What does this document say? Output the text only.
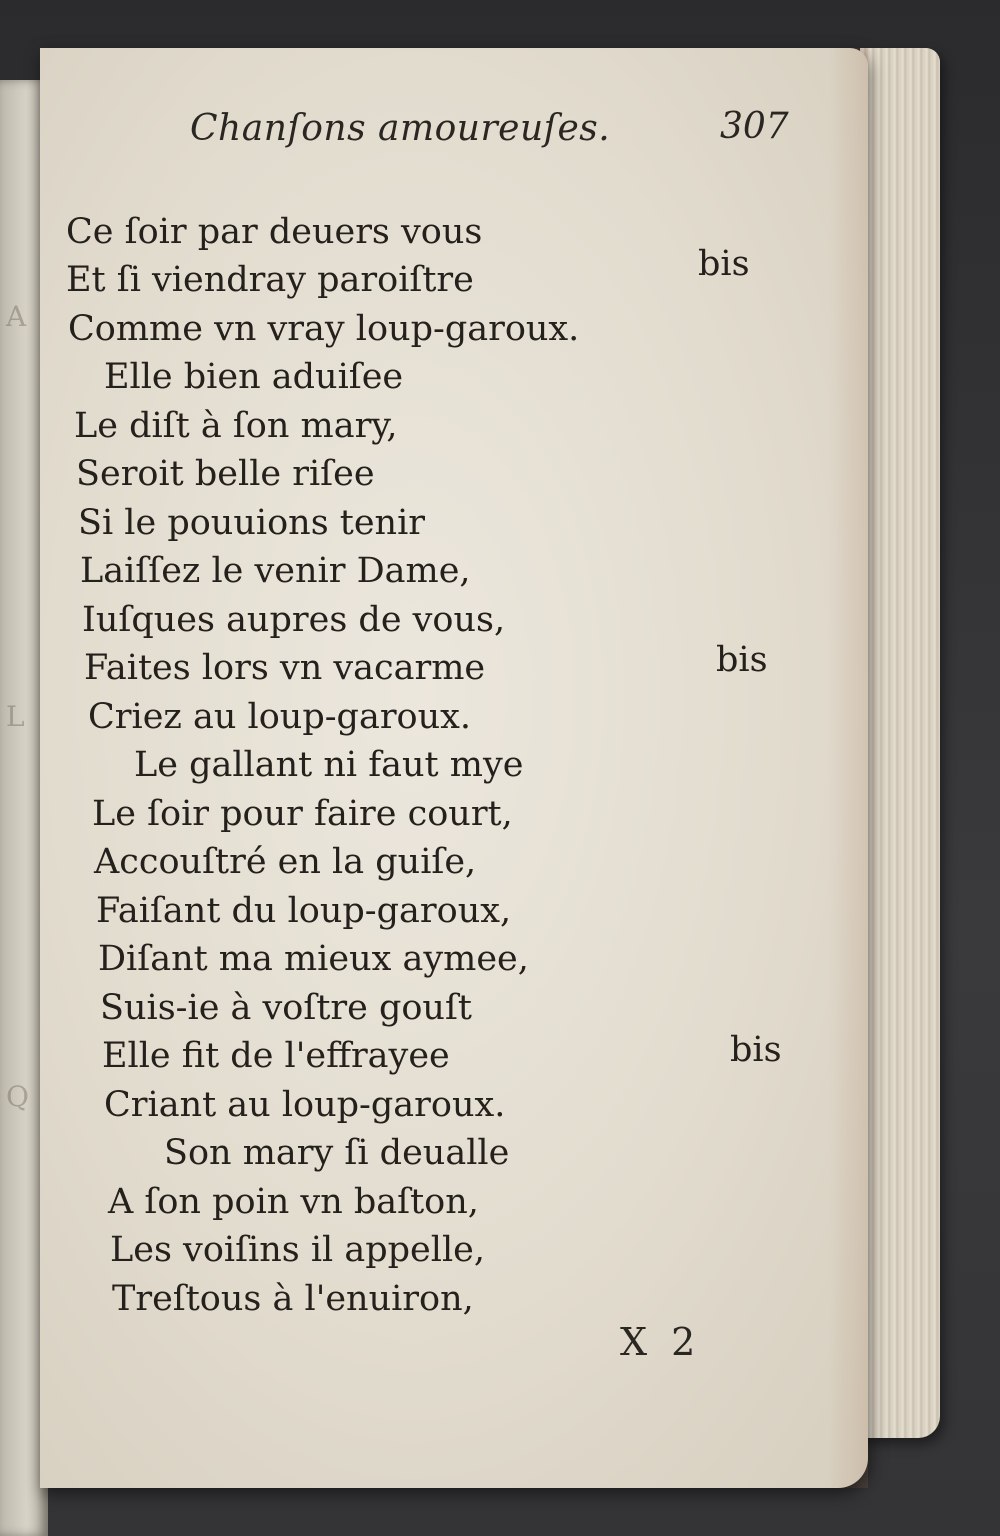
A
L
Q
Chanſons amoureuſes.	307
Ce ſoir par deuers vous
Et ſi viendray paroiſtre
Comme vn vray loup-garoux.
Elle bien aduiſee
Le diſt à ſon mary,
Seroit belle riſee
Si le pouuions tenir
Laiſſez le venir Dame,
Iuſques aupres de vous,
Faites lors vn vacarme
Criez au loup-garoux.
Le gallant ni faut mye
Le ſoir pour faire court,
Accouſtré en la guiſe,
Faiſant du loup-garoux,
Diſant ma mieux aymee,
Suis-ie à voſtre gouſt
Elle fit de l'effrayee
Criant au loup-garoux.
Son mary ſi deualle
A ſon poin vn baſton,
Les voiſins il appelle,
Treſtous à l'enuiron,
bis
bis
bis
X 2
